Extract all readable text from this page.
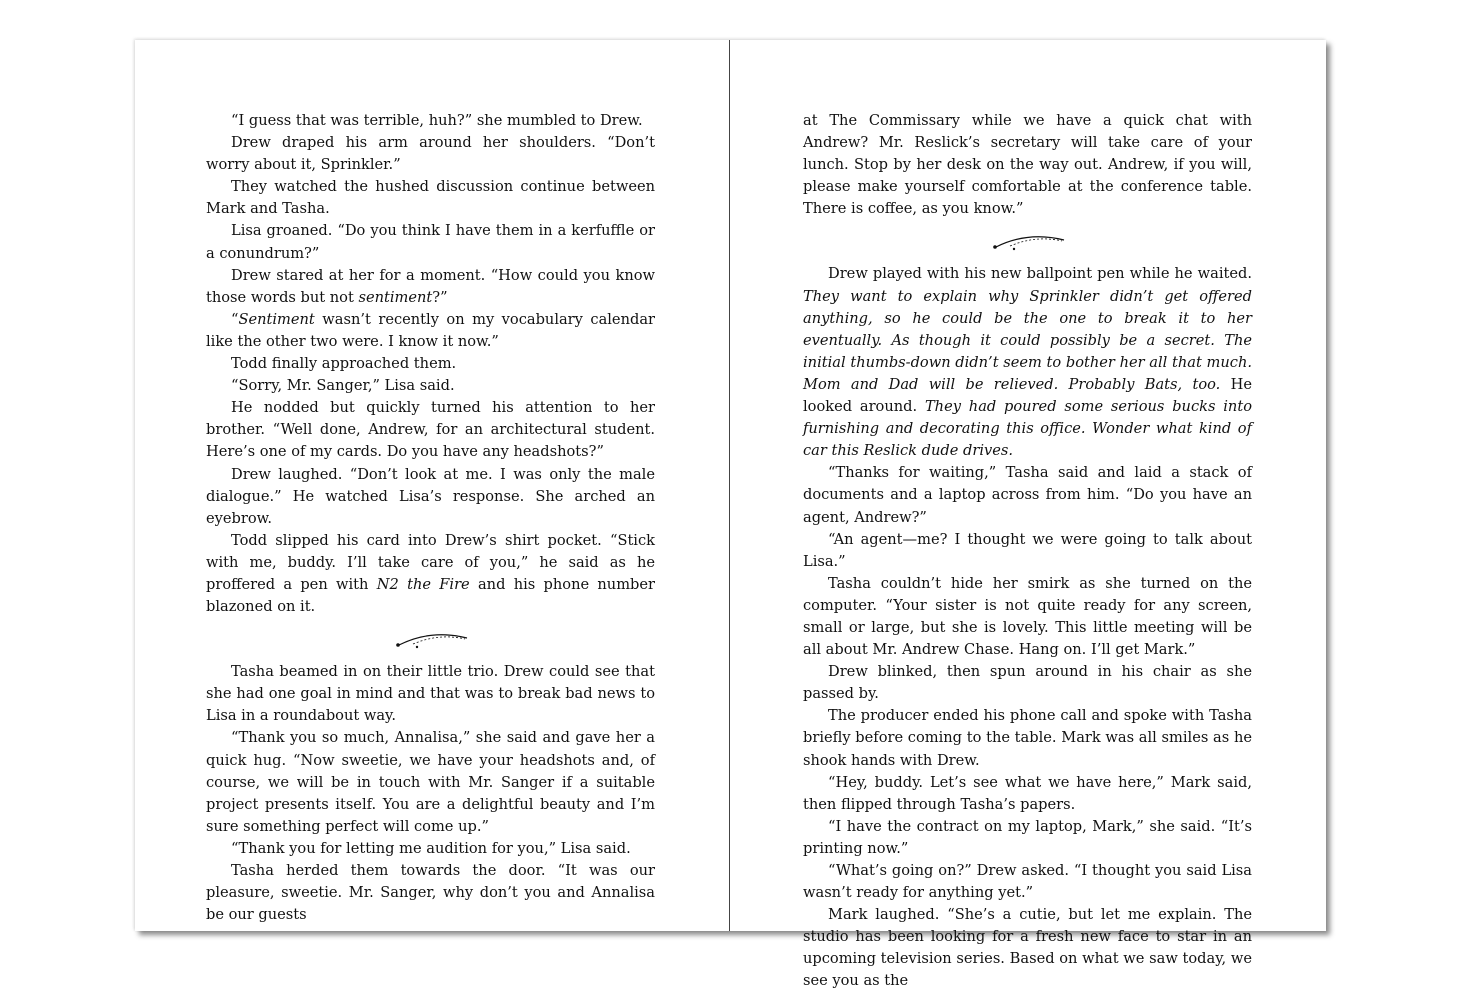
“I guess that was terrible, huh?” she mumbled to Drew.

Drew draped his arm around her shoulders. “Don’t worry about it, Sprinkler.”

They watched the hushed discussion continue between Mark and Tasha.

Lisa groaned. “Do you think I have them in a kerfuffle or a conundrum?”

Drew stared at her for a moment. “How could you know those words but not sentiment?”

“Sentiment wasn’t recently on my vocabulary calendar like the other two were. I know it now.”

Todd finally approached them.

“Sorry, Mr. Sanger,” Lisa said.

He nodded but quickly turned his attention to her brother. “Well done, Andrew, for an architectural student. Here’s one of my cards. Do you have any headshots?”

Drew laughed. “Don’t look at me. I was only the male dialogue.” He watched Lisa’s response. She arched an eyebrow.

Todd slipped his card into Drew’s shirt pocket. “Stick with me, buddy. I’ll take care of you,” he said as he proffered a pen with N2 the Fire and his phone number blazoned on it.

Tasha beamed in on their little trio. Drew could see that she had one goal in mind and that was to break bad news to Lisa in a roundabout way.

“Thank you so much, Annalisa,” she said and gave her a quick hug. “Now sweetie, we have your headshots and, of course, we will be in touch with Mr. Sanger if a suitable project presents itself. You are a delightful beauty and I’m sure something perfect will come up.”

“Thank you for letting me audition for you,” Lisa said.

Tasha herded them towards the door. “It was our pleasure, sweetie. Mr. Sanger, why don’t you and Annalisa be our guests

at The Commissary while we have a quick chat with Andrew? Mr. Reslick’s secretary will take care of your lunch. Stop by her desk on the way out. Andrew, if you will, please make yourself comfortable at the conference table. There is coffee, as you know.”

Drew played with his new ballpoint pen while he waited. They want to explain why Sprinkler didn’t get offered anything, so he could be the one to break it to her eventually. As though it could possibly be a secret. The initial thumbs-down didn’t seem to bother her all that much. Mom and Dad will be relieved. Probably Bats, too. He looked around. They had poured some serious bucks into furnishing and decorating this office. Wonder what kind of car this Reslick dude drives.

“Thanks for waiting,” Tasha said and laid a stack of documents and a laptop across from him. “Do you have an agent, Andrew?”

“An agent—me? I thought we were going to talk about Lisa.”

Tasha couldn’t hide her smirk as she turned on the computer. “Your sister is not quite ready for any screen, small or large, but she is lovely. This little meeting will be all about Mr. Andrew Chase. Hang on. I’ll get Mark.”

Drew blinked, then spun around in his chair as she passed by.

The producer ended his phone call and spoke with Tasha briefly before coming to the table. Mark was all smiles as he shook hands with Drew.

“Hey, buddy. Let’s see what we have here,” Mark said, then flipped through Tasha’s papers.

“I have the contract on my laptop, Mark,” she said. “It’s printing now.”

“What’s going on?” Drew asked. “I thought you said Lisa wasn’t ready for anything yet.”

Mark laughed. “She’s a cutie, but let me explain. The studio has been looking for a fresh new face to star in an upcoming television series. Based on what we saw today, we see you as the
